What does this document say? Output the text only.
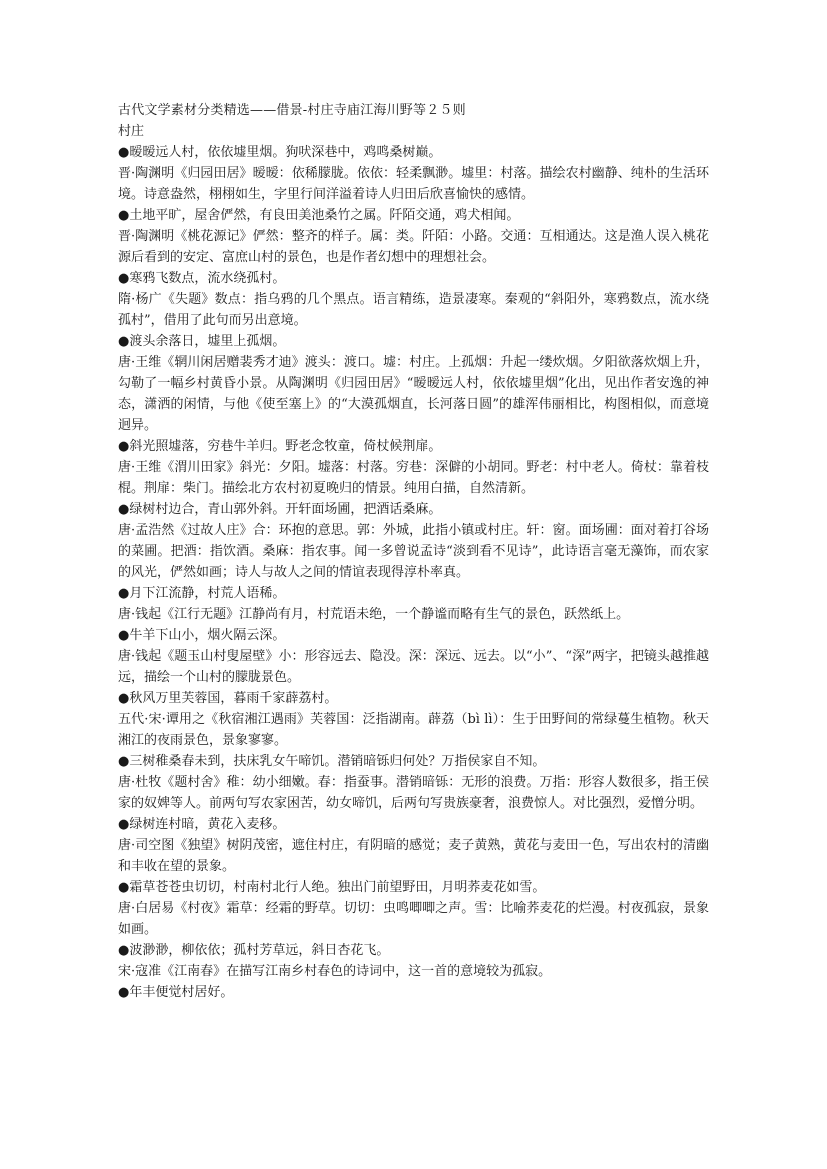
古代文学素材分类精选——借景-村庄寺庙江海川野等２５则

村庄

●暧暧远人村，依依墟里烟。狗吠深巷中，鸡鸣桑树巅。

晋·陶渊明《归园田居》暧暧：依稀朦胧。依依：轻柔飘渺。墟里：村落。描绘农村幽静、纯朴的生活环境。诗意盎然，栩栩如生，字里行间洋溢着诗人归田后欣喜愉快的感情。

●土地平旷，屋舍俨然，有良田美池桑竹之属。阡陌交通，鸡犬相闻。

晋·陶渊明《桃花源记》俨然：整齐的样子。属：类。阡陌：小路。交通：互相通达。这是渔人误入桃花源后看到的安定、富庶山村的景色，也是作者幻想中的理想社会。

●寒鸦飞数点，流水绕孤村。

隋·杨广《失题》数点：指乌鸦的几个黑点。语言精练，造景凄寒。秦观的“斜阳外，寒鸦数点，流水绕孤村”，借用了此句而另出意境。

●渡头余落日，墟里上孤烟。

唐·王维《辋川闲居赠裴秀才迪》渡头：渡口。墟：村庄。上孤烟：升起一缕炊烟。夕阳欲落炊烟上升，勾勒了一幅乡村黄昏小景。从陶渊明《归园田居》“暧暧远人村，依依墟里烟”化出，见出作者安逸的神态，潇洒的闲情，与他《使至塞上》的“大漠孤烟直，长河落日圆”的雄浑伟丽相比，构图相似，而意境迥异。

●斜光照墟落，穷巷牛羊归。野老念牧童，倚杖候荆扉。

唐·王维《渭川田家》斜光：夕阳。墟落：村落。穷巷：深僻的小胡同。野老：村中老人。倚杖：靠着枝棍。荆扉：柴门。描绘北方农村初夏晚归的情景。纯用白描，自然清新。

●绿树村边合，青山郭外斜。开轩面场圃，把酒话桑麻。

唐·孟浩然《过故人庄》合：环抱的意思。郭：外城，此指小镇或村庄。轩：窗。面场圃：面对着打谷场的菜圃。把酒：指饮酒。桑麻：指农事。闻一多曾说孟诗“淡到看不见诗”，此诗语言毫无藻饰，而农家的风光，俨然如画；诗人与故人之间的情谊表现得淳朴率真。

●月下江流静，村荒人语稀。

唐·钱起《江行无题》江静尚有月，村荒语未绝，一个静谧而略有生气的景色，跃然纸上。

●牛羊下山小，烟火隔云深。

唐·钱起《题玉山村叟屋壁》小：形容远去、隐没。深：深远、远去。以“小”、“深”两字，把镜头越推越远，描绘一个山村的朦胧景色。

●秋风万里芙蓉国，暮雨千家薜荔村。

五代·宋·谭用之《秋宿湘江遇雨》芙蓉国：泛指湖南。薜荔（bì lì）：生于田野间的常绿蔓生植物。秋天湘江的夜雨景色，景象寥寥。

●三树稚桑春未到，扶床乳女午啼饥。潜销暗铄归何处？万指侯家自不知。

唐·杜牧《题村舍》稚：幼小细嫩。春：指蚕事。潜销暗铄：无形的浪费。万指：形容人数很多，指王侯家的奴婢等人。前两句写农家困苦，幼女啼饥，后两句写贵族豪奢，浪费惊人。对比强烈，爱憎分明。

●绿树连村暗，黄花入麦移。

唐·司空图《独望》树阴茂密，遮住村庄，有阴暗的感觉；麦子黄熟，黄花与麦田一色，写出农村的清幽和丰收在望的景象。

●霜草苍苍虫切切，村南村北行人绝。独出门前望野田，月明荞麦花如雪。

唐·白居易《村夜》霜草：经霜的野草。切切：虫鸣唧唧之声。雪：比喻荞麦花的烂漫。村夜孤寂，景象如画。

●波渺渺，柳依依；孤村芳草远，斜日杏花飞。

宋·寇准《江南春》在描写江南乡村春色的诗词中，这一首的意境较为孤寂。

●年丰便觉村居好。
